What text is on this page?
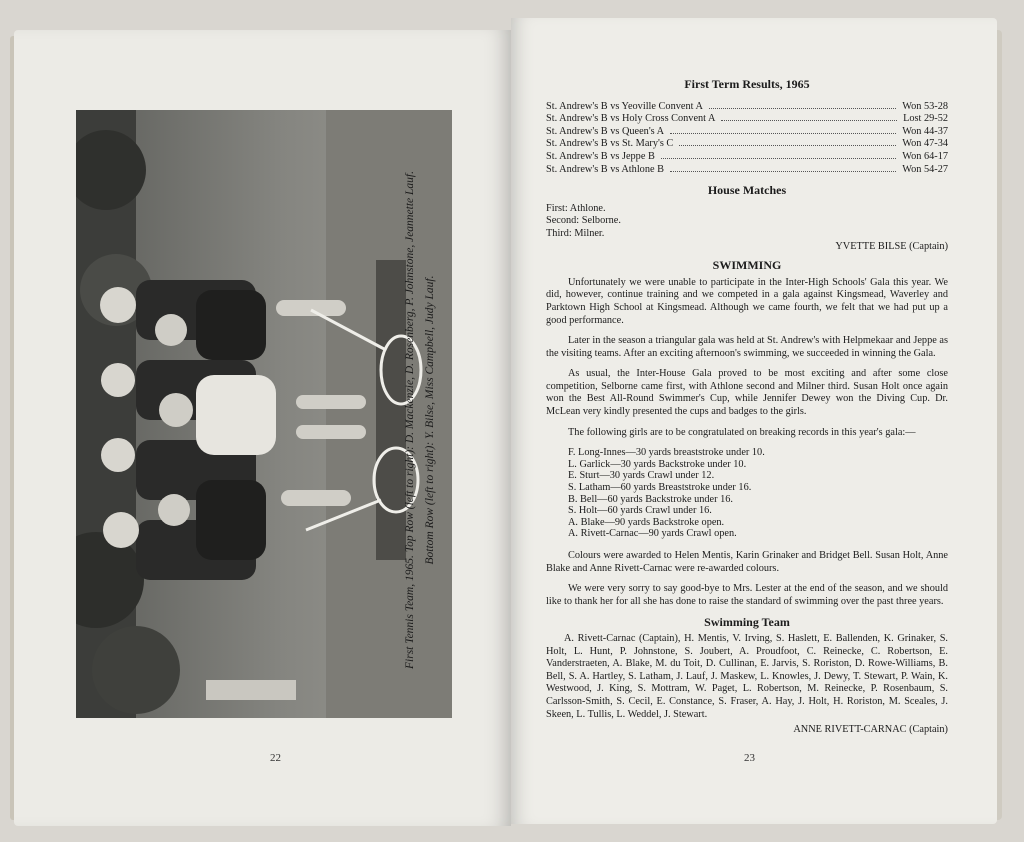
First Tennis Team, 1965. Top Row (left to right): D. Mackenzie, D. Rosenberg, P. Johnstone, Jeannette Lauf. Bottom Row (left to right): Y. Bilse, Miss Campbell, Judy Lauf.
22

First Term Results, 1965

St. Andrew's B vs Yeoville Convent A	Won 53-28
St. Andrew's B vs Holy Cross Convent A	Lost 29-52
St. Andrew's B vs Queen's A	Won 44-37
St. Andrew's B vs St. Mary's C	Won 47-34
St. Andrew's B vs Jeppe B	Won 64-17
St. Andrew's B vs Athlone B	Won 54-27

House Matches

First: Athlone.
Second: Selborne.
Third: Milner.
YVETTE BILSE (Captain)

SWIMMING

Unfortunately we were unable to participate in the Inter-High Schools' Gala this year. We did, however, continue training and we competed in a gala against Kingsmead, Waverley and Parktown High School at Kingsmead. Although we came fourth, we felt that we had put up a good performance.

Later in the season a triangular gala was held at St. Andrew's with Helpmekaar and Jeppe as the visiting teams. After an exciting afternoon's swimming, we succeeded in winning the Gala.

As usual, the Inter-House Gala proved to be most exciting and after some close competition, Selborne came first, with Athlone second and Milner third. Susan Holt once again won the Best All-Round Swimmer's Cup, while Jennifer Dewey won the Diving Cup. Dr. McLean very kindly presented the cups and badges to the girls.

The following girls are to be congratulated on breaking records in this year's gala:—

F. Long-Innes—30 yards breaststroke under 10.
L. Garlick—30 yards Backstroke under 10.
E. Sturt—30 yards Crawl under 12.
S. Latham—60 yards Breaststroke under 16.
B. Bell—60 yards Backstroke under 16.
S. Holt—60 yards Crawl under 16.
A. Blake—90 yards Backstroke open.
A. Rivett-Carnac—90 yards Crawl open.

Colours were awarded to Helen Mentis, Karin Grinaker and Bridget Bell. Susan Holt, Anne Blake and Anne Rivett-Carnac were re-awarded colours.

We were very sorry to say good-bye to Mrs. Lester at the end of the season, and we should like to thank her for all she has done to raise the standard of swimming over the past three years.

Swimming Team

A. Rivett-Carnac (Captain), H. Mentis, V. Irving, S. Haslett, E. Ballenden, K. Grinaker, S. Holt, L. Hunt, P. Johnstone, S. Joubert, A. Proudfoot, C. Reinecke, C. Robertson, E. Vanderstraeten, A. Blake, M. du Toit, D. Cullinan, E. Jarvis, S. Roriston, D. Rowe-Williams, B. Bell, S. A. Hartley, S. Latham, J. Lauf, J. Maskew, L. Knowles, J. Dewy, T. Stewart, P. Wain, K. Westwood, J. King, S. Mottram, W. Paget, L. Robertson, M. Reinecke, P. Rosenbaum, S. Carlsson-Smith, S. Cecil, E. Constance, S. Fraser, A. Hay, J. Holt, H. Roriston, M. Sceales, J. Skeen, L. Tullis, L. Weddel, J. Stewart.

ANNE RIVETT-CARNAC (Captain)
23
